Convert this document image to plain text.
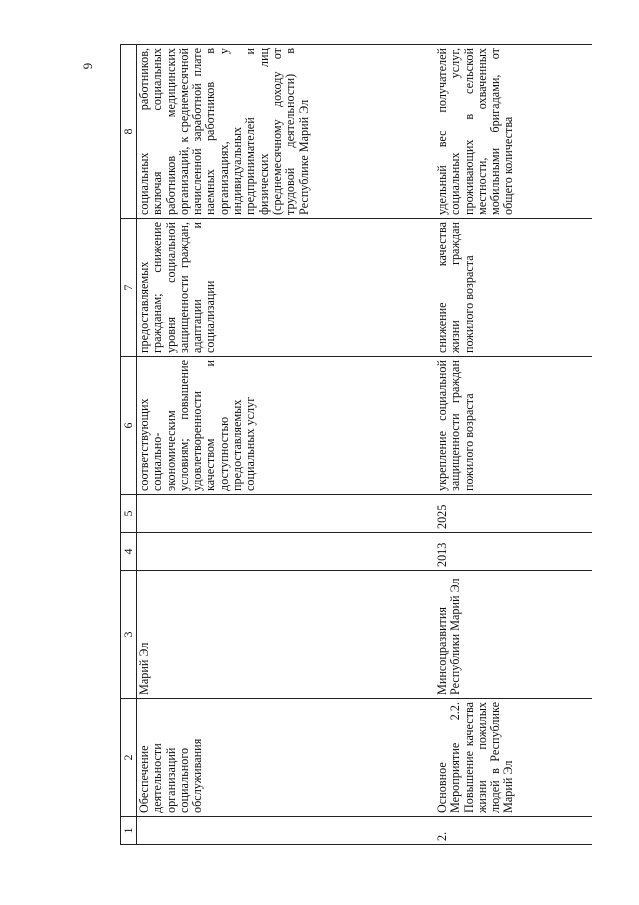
6
1	2	3	4	5	6	7	8
	Обеспечение деятельности организаций социального обслуживания	Марий Эл			соответствующих социально-экономическим условиям; повышение удовлетворенности качеством и доступностью предоставляемых социальных услуг	предоставляемых гражданам; снижение уровня социальной защищенности граждан, адаптации и социализации	социальных работников, включая социальных работников медицинских организаций, к среднемесячной начисленной заработной плате наемных работников в организациях, у индивидуальных предпринимателей и физических лиц (среднемесячному доходу от трудовой деятельности) в Республике Марий Эл
2.	Основное Мероприятие 2.2. Повышение качества жизни пожилых людей в Республике Марий Эл	Минсоцразвития Республики Марий Эл	2013	2025	укрепление социальной защищенности граждан пожилого возраста	снижение качества жизни граждан пожилого возраста	удельный вес получателей социальных услуг, проживающих в сельской местности, охваченных мобильными бригадами, от общего количества
